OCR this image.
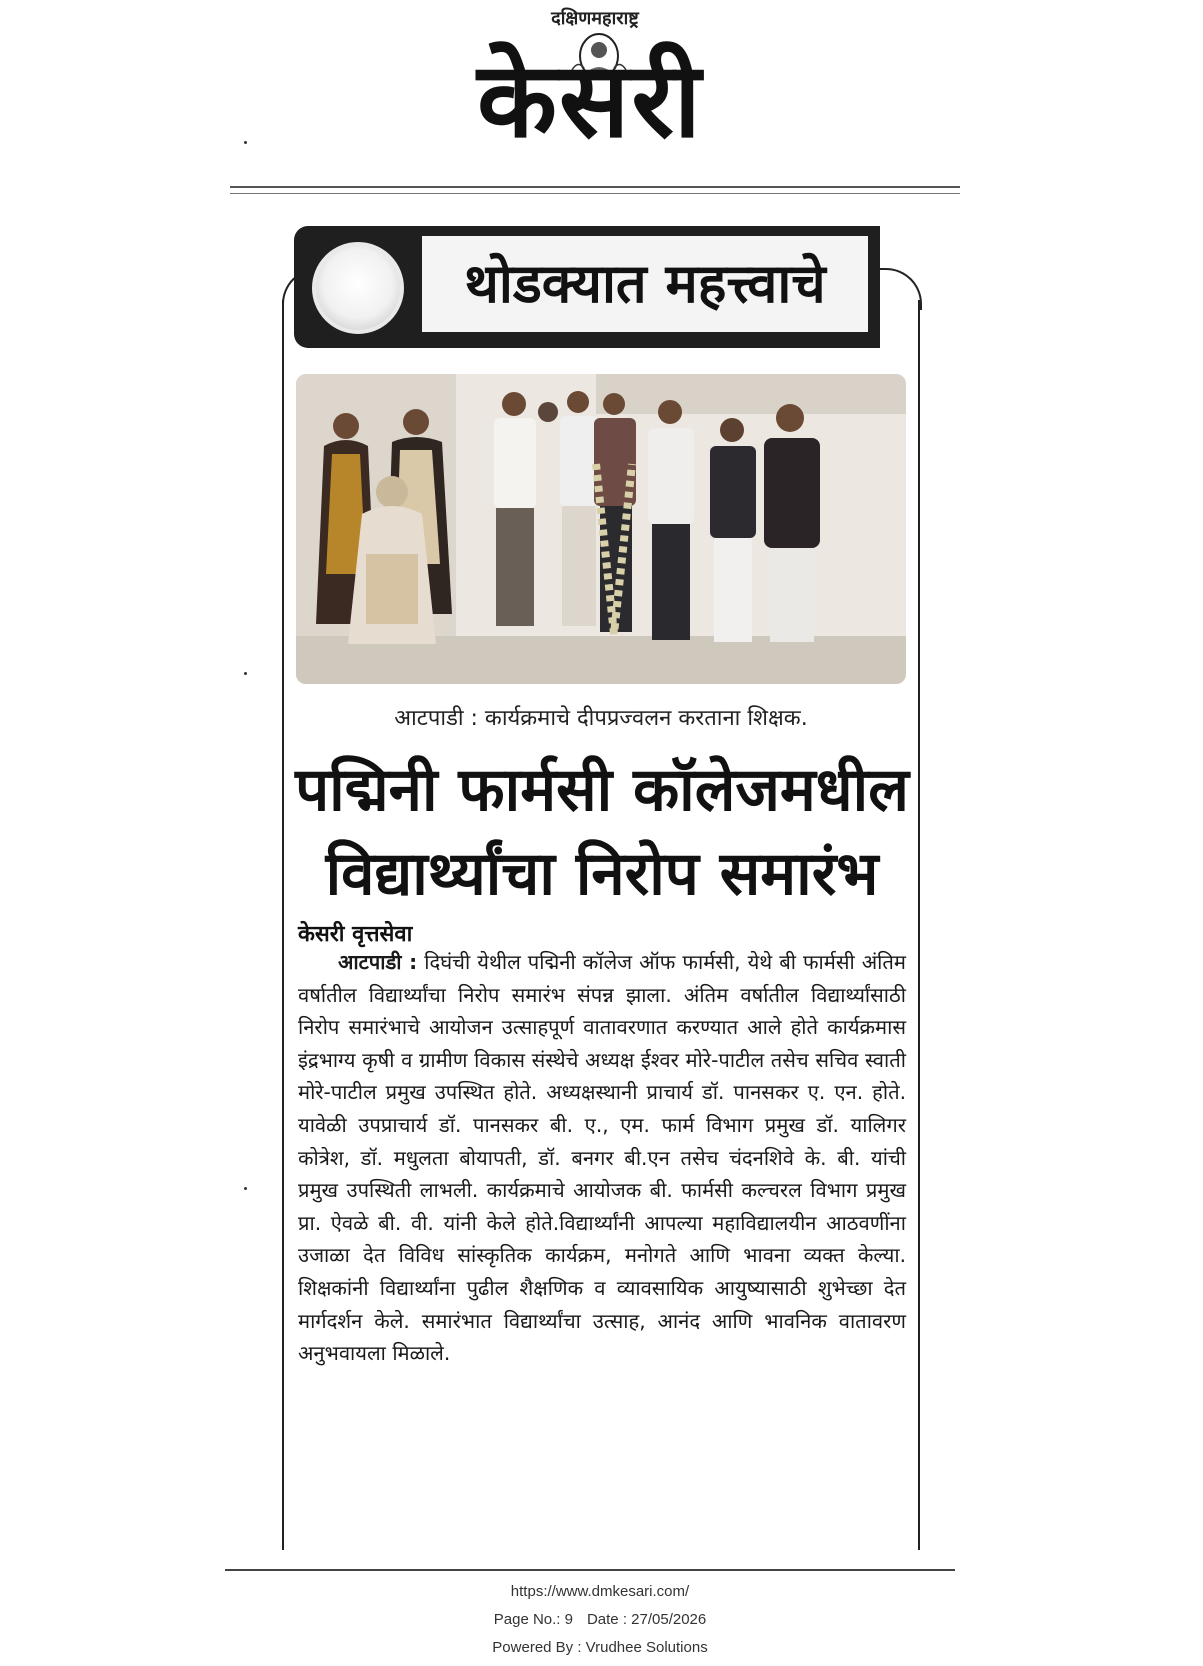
दक्षिणमहाराष्ट्र
केसरी
थोडक्यात महत्त्वाचे
आटपाडी : कार्यक्रमाचे दीपप्रज्वलन करताना शिक्षक.
पद्मिनी फार्मसी कॉलेजमधील
विद्यार्थ्यांचा निरोप समारंभ
केसरी वृत्तसेवा

आटपाडी : दिघंची येथील पद्मिनी कॉलेज ऑफ फार्मसी, येथे बी फार्मसी अंतिम वर्षातील विद्यार्थ्यांचा निरोप समारंभ संपन्न झाला. अंतिम वर्षातील विद्यार्थ्यांसाठी निरोप समारंभाचे आयोजन उत्साहपूर्ण वातावरणात करण्यात आले होते कार्यक्रमास इंद्रभाग्य कृषी व ग्रामीण विकास संस्थेचे अध्यक्ष ईश्वर मोरे-पाटील तसेच सचिव स्वाती मोरे-पाटील प्रमुख उपस्थित होते. अध्यक्षस्थानी प्राचार्य डॉ. पानसकर ए. एन. होते. यावेळी उपप्राचार्य डॉ. पानसकर बी. ए., एम. फार्म विभाग प्रमुख डॉ. यालिगर कोत्रेश, डॉ. मधुलता बोयापती, डॉ. बनगर बी.एन तसेच चंदनशिवे के. बी. यांची प्रमुख उपस्थिती लाभली. कार्यक्रमाचे आयोजक बी. फार्मसी कल्चरल विभाग प्रमुख प्रा. ऐवळे बी. वी. यांनी केले होते.विद्यार्थ्यांनी आपल्या महाविद्यालयीन आठवणींना उजाळा देत विविध सांस्कृतिक कार्यक्रम, मनोगते आणि भावना व्यक्त केल्या. शिक्षकांनी विद्यार्थ्यांना पुढील शैक्षणिक व व्यावसायिक आयुष्यासाठी शुभेच्छा देत मार्गदर्शन केले. समारंभात विद्यार्थ्यांचा उत्साह, आनंद आणि भावनिक वातावरण अनुभवायला मिळाले.

https://www.dmkesari.com/
Page No.: 9 Date : 27/05/2026
Powered By : Vrudhee Solutions
